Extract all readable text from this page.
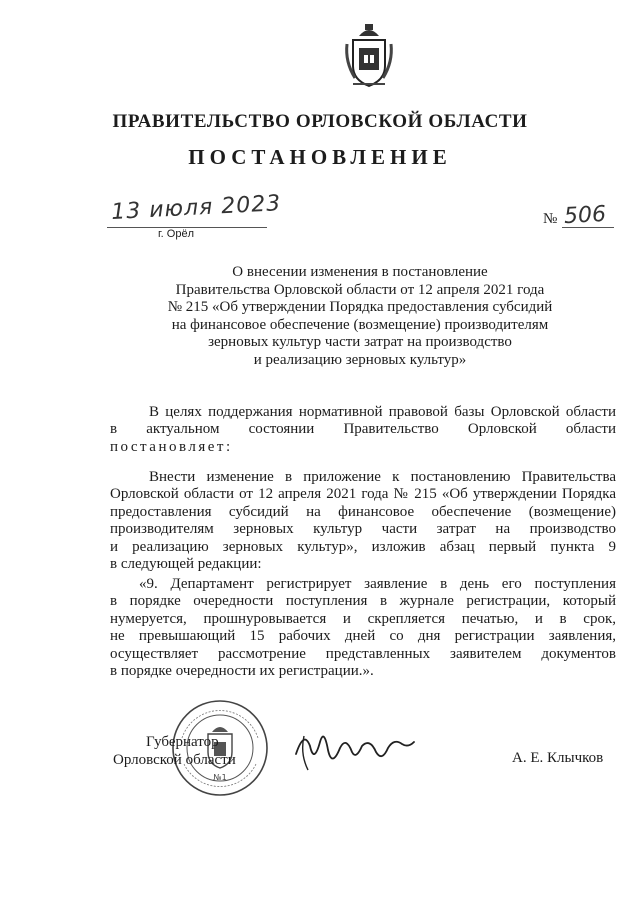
ПРАВИТЕЛЬСТВО ОРЛОВСКОЙ ОБЛАСТИ
ПОСТАНОВЛЕНИЕ
13 июля 2023
г. Орёл
№ 506
О внесении изменения в постановление
Правительства Орловской области от 12 апреля 2021 года
№ 215 «Об утверждении Порядка предоставления субсидий
на финансовое обеспечение (возмещение) производителям
зерновых культур части затрат на производство
и реализацию зерновых культур»
В целях поддержания нормативной правовой базы Орловской области
в актуальном состоянии Правительство Орловской области
постановляет:
Внести изменение в приложение к постановлению Правительства
Орловской области от 12 апреля 2021 года № 215 «Об утверждении Порядка
предоставления субсидий на финансовое обеспечение (возмещение)
производителям зерновых культур части затрат на производство
и реализацию зерновых культур», изложив абзац первый пункта 9
в следующей редакции:
«9. Департамент регистрирует заявление в день его поступления
в порядке очередности поступления в журнале регистрации, который
нумеруется, прошнуровывается и скрепляется печатью, и в срок,
не превышающий 15 рабочих дней со дня регистрации заявления,
осуществляет рассмотрение представленных заявителем документов
в порядке очередности их регистрации.».
№1
Губернатор
Орловской области	А. Е. Клычков
